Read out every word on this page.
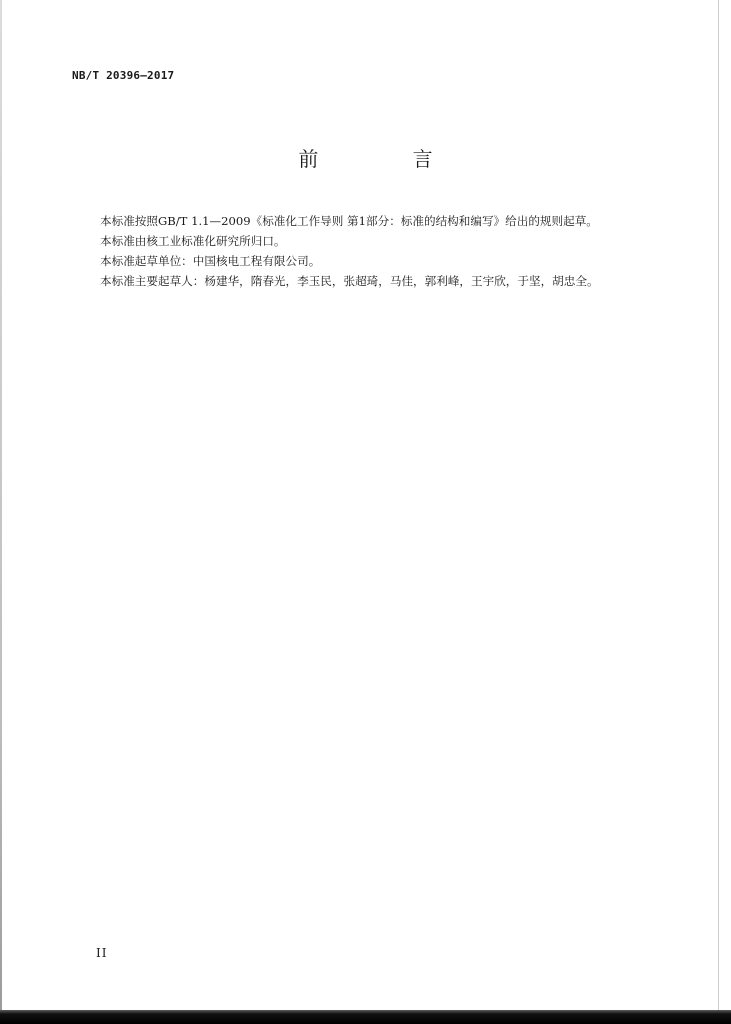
NB/T 20396—2017
前 言

本标准按照GB/T 1.1—2009《标准化工作导则 第1部分：标准的结构和编写》给出的规则起草。

本标准由核工业标准化研究所归口。

本标准起草单位：中国核电工程有限公司。

本标准主要起草人：杨建华，隋春光，李玉民，张超琦，马佳，郭利峰，王宇欣，于坚，胡忠全。

II
